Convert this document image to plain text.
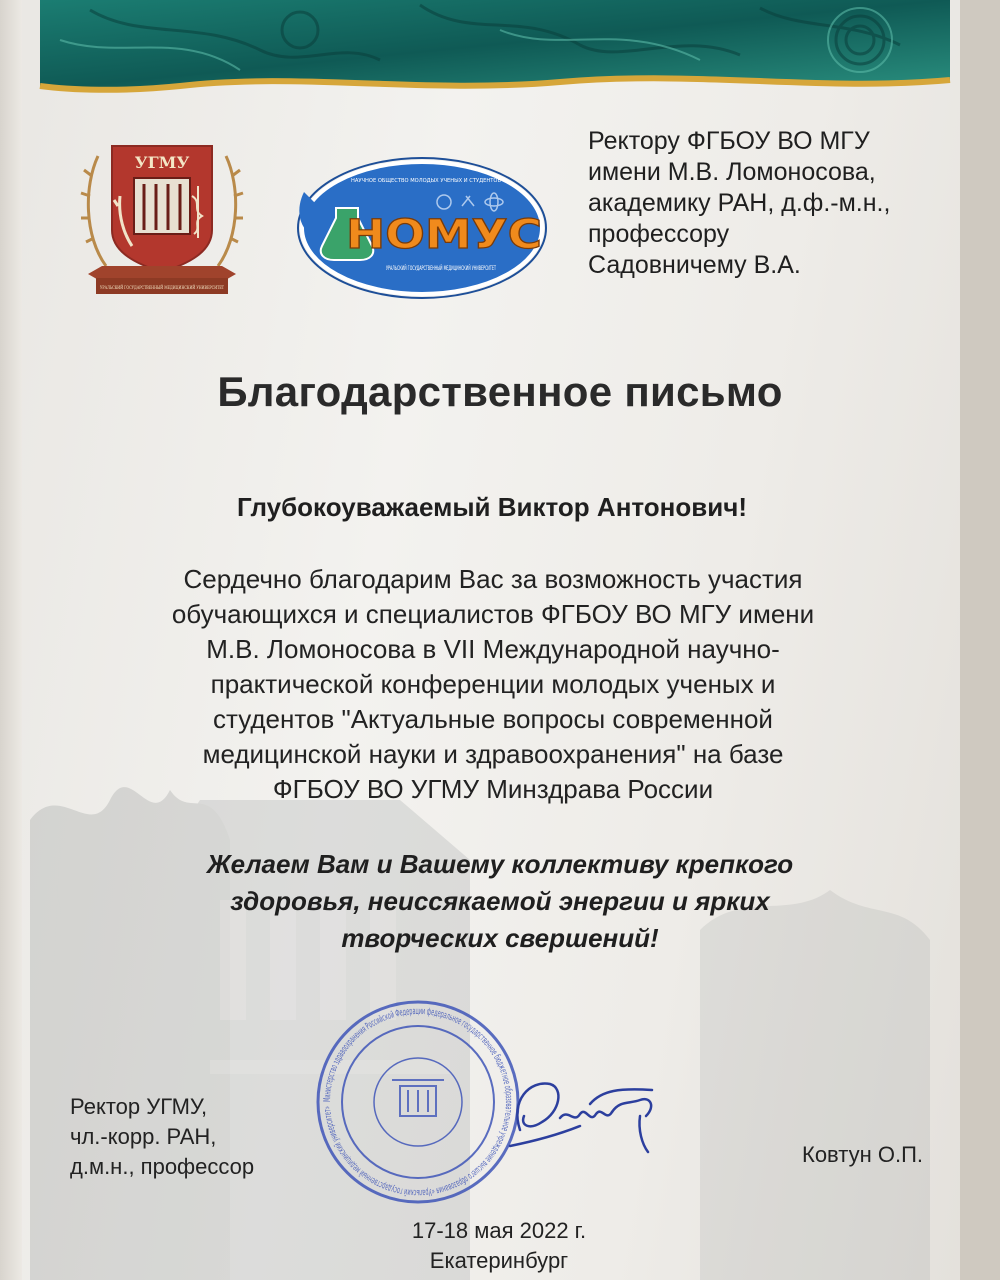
УГМУ
УРАЛЬСКИЙ ГОСУДАРСТВЕННЫЙ МЕДИЦИНСКИЙ УНИВЕРСИТЕТ
НАУЧНОЕ ОБЩЕСТВО МОЛОДЫХ УЧЕНЫХ И СТУДЕНТОВ
НОМУС
УРАЛЬСКИЙ ГОСУДАРСТВЕННЫЙ МЕДИЦИНСКИЙ УНИВЕРСИТЕТ
Ректору ФГБОУ ВО МГУ
имени М.В. Ломоносова,
академику РАН, д.ф.-м.н.,
профессору
Садовничему В.А.
Благодарственное письмо
Глубокоуважаемый Виктор Антонович!
Сердечно благодарим Вас за возможность участия
обучающихся и специалистов ФГБОУ ВО МГУ имени
М.В. Ломоносова в VII Международной научно-
практической конференции молодых ученых и
студентов "Актуальные вопросы современной
медицинской науки и здравоохранения" на базе
ФГБОУ ВО УГМУ Минздрава России
Желаем Вам и Вашему коллективу крепкого
здоровья, неиссякаемой энергии и ярких
творческих свершений!
Министерство здравоохранения Российской Федерации федеральное государственное бюджетное образовательное учреждение высшего образования «Уральский государственный медицинский университет»
Ректор УГМУ,
чл.-корр. РАН,
д.м.н., профессор	Ковтун О.П.
17-18 мая 2022 г.
Екатеринбург
